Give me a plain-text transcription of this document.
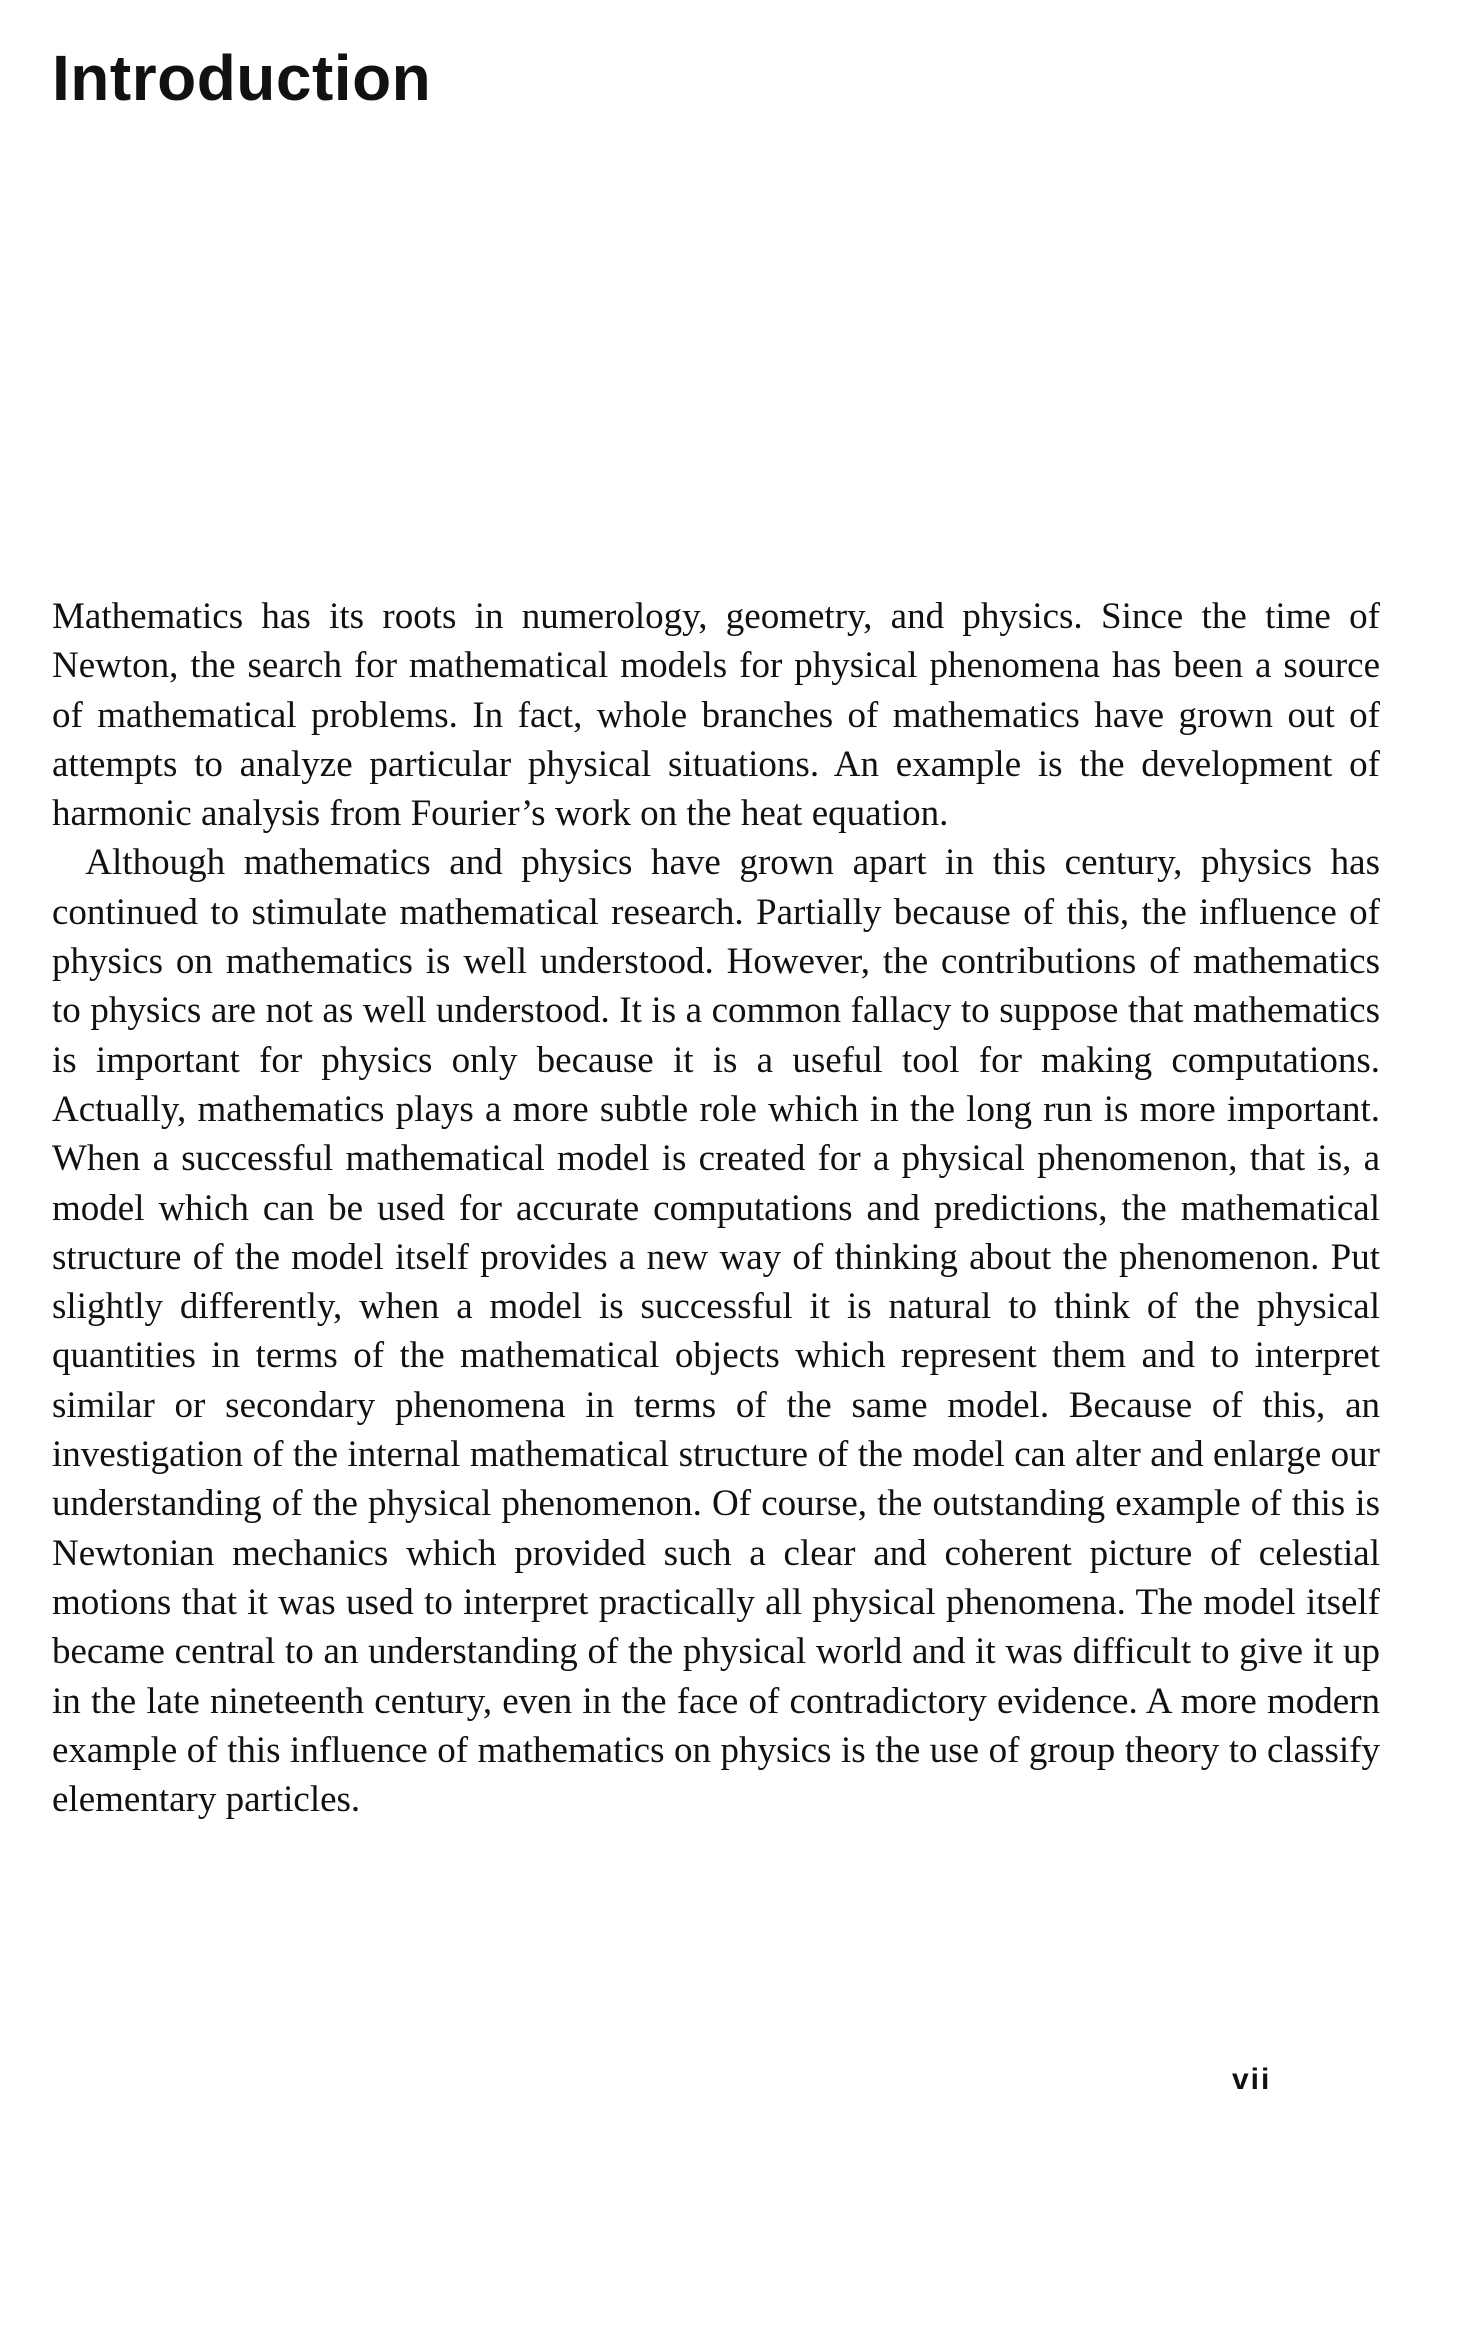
Introduction

Mathematics has its roots in numerology, geometry, and physics. Since the time of Newton, the search for mathematical models for physical phenomena has been a source of mathematical problems. In fact, whole branches of mathematics have grown out of attempts to analyze particular physical situations. An example is the development of harmonic analysis from Fourier’s work on the heat equation.

Although mathematics and physics have grown apart in this century, physics has continued to stimulate mathematical research. Partially because of this, the influence of physics on mathematics is well understood. However, the contributions of mathematics to physics are not as well understood. It is a common fallacy to suppose that mathematics is important for physics only because it is a useful tool for making computations. Actually, mathematics plays a more subtle role which in the long run is more important. When a successful mathematical model is created for a physical phenomenon, that is, a model which can be used for accurate computations and predictions, the mathematical structure of the model itself provides a new way of thinking about the phenomenon. Put slightly differently, when a model is successful it is natural to think of the physical quantities in terms of the mathematical objects which represent them and to interpret similar or secondary phenomena in terms of the same model. Because of this, an investigation of the internal mathematical structure of the model can alter and enlarge our understanding of the physical phenomenon. Of course, the outstanding example of this is Newtonian mechanics which provided such a clear and coherent picture of celestial motions that it was used to interpret practically all physical phenomena. The model itself became central to an understanding of the physical world and it was difficult to give it up in the late nineteenth century, even in the face of contradictory evidence. A more modern example of this influence of mathematics on physics is the use of group theory to classify elementary particles.

vii
